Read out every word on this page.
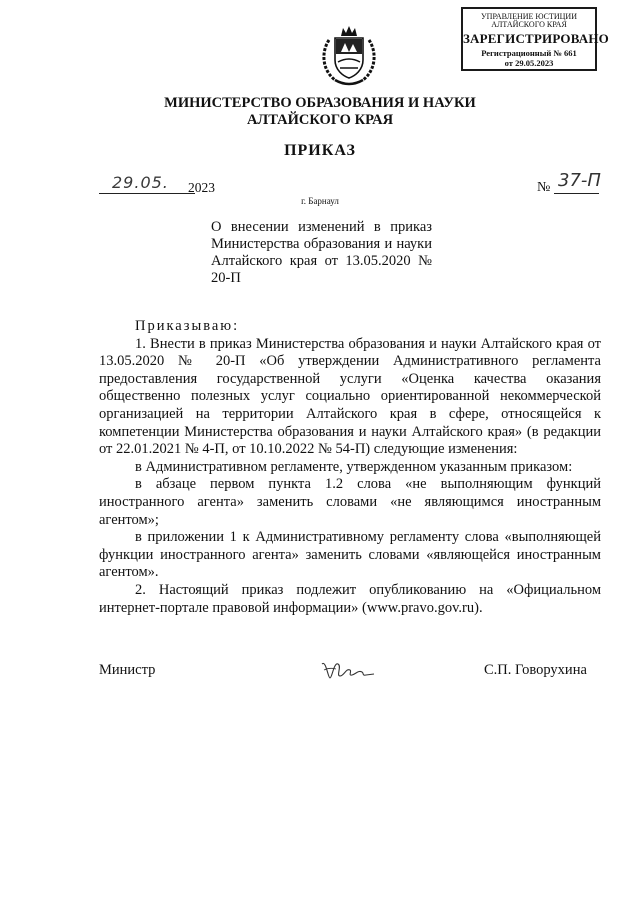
УПРАВЛЕНИЕ ЮСТИЦИИ
АЛТАЙСКОГО КРАЯ
ЗАРЕГИСТРИРОВАНО
Регистрационный № 661
от 29.05.2023
МИНИСТЕРСТВО ОБРАЗОВАНИЯ И НАУКИ
АЛТАЙСКОГО КРАЯ
ПРИКАЗ
29.05. 2023	№ 37-П
г. Барнаул
О внесении изменений в приказ Министерства образования и науки Алтайского края от 13.05.2020 № 20-П

Приказываю:

1. Внести в приказ Министерства образования и науки Алтайского края от 13.05.2020 № 20-П «Об утверждении Административного регламента предоставления государственной услуги «Оценка качества оказания общественно полезных услуг социально ориентированной некоммерческой организацией на территории Алтайского края в сфере, относящейся к компетенции Министерства образования и науки Алтайского края» (в редакции от 22.01.2021 № 4-П, от 10.10.2022 № 54-П) следующие изменения:

в Административном регламенте, утвержденном указанным приказом:

в абзаце первом пункта 1.2 слова «не выполняющим функций иностранного агента» заменить словами «не являющимся иностранным агентом»;

в приложении 1 к Административному регламенту слова «выполняющей функции иностранного агента» заменить словами «являющейся иностранным агентом».

2. Настоящий приказ подлежит опубликованию на «Официальном интернет-портале правовой информации» (www.pravo.gov.ru).

Министр	С.П. Говорухина
